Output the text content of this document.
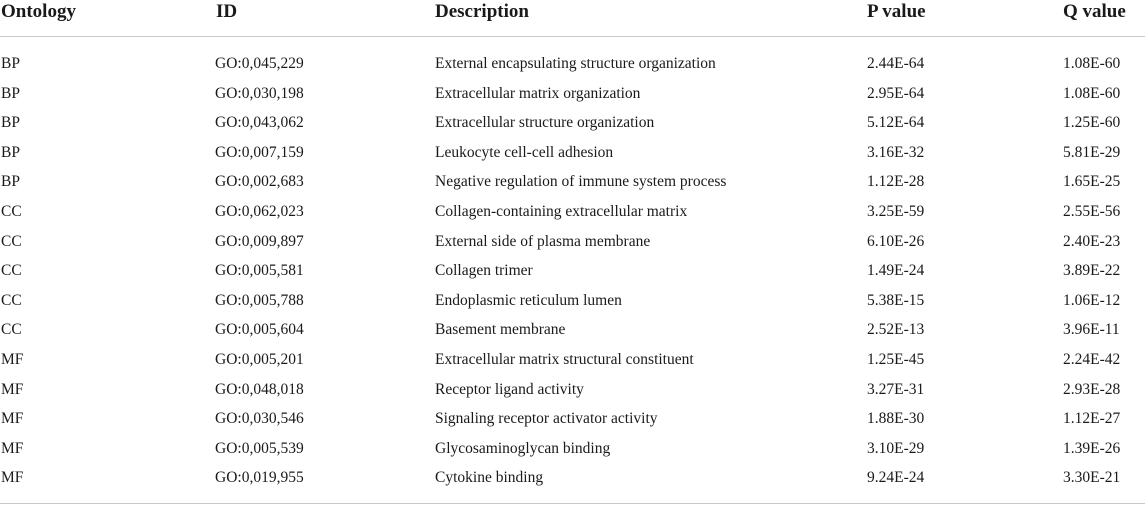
Ontology	ID	Description	P value	Q value
BP	GO:0,045,229	External encapsulating structure organization	2.44E-64	1.08E-60
BP	GO:0,030,198	Extracellular matrix organization	2.95E-64	1.08E-60
BP	GO:0,043,062	Extracellular structure organization	5.12E-64	1.25E-60
BP	GO:0,007,159	Leukocyte cell-cell adhesion	3.16E-32	5.81E-29
BP	GO:0,002,683	Negative regulation of immune system process	1.12E-28	1.65E-25
CC	GO:0,062,023	Collagen-containing extracellular matrix	3.25E-59	2.55E-56
CC	GO:0,009,897	External side of plasma membrane	6.10E-26	2.40E-23
CC	GO:0,005,581	Collagen trimer	1.49E-24	3.89E-22
CC	GO:0,005,788	Endoplasmic reticulum lumen	5.38E-15	1.06E-12
CC	GO:0,005,604	Basement membrane	2.52E-13	3.96E-11
MF	GO:0,005,201	Extracellular matrix structural constituent	1.25E-45	2.24E-42
MF	GO:0,048,018	Receptor ligand activity	3.27E-31	2.93E-28
MF	GO:0,030,546	Signaling receptor activator activity	1.88E-30	1.12E-27
MF	GO:0,005,539	Glycosaminoglycan binding	3.10E-29	1.39E-26
MF	GO:0,019,955	Cytokine binding	9.24E-24	3.30E-21
